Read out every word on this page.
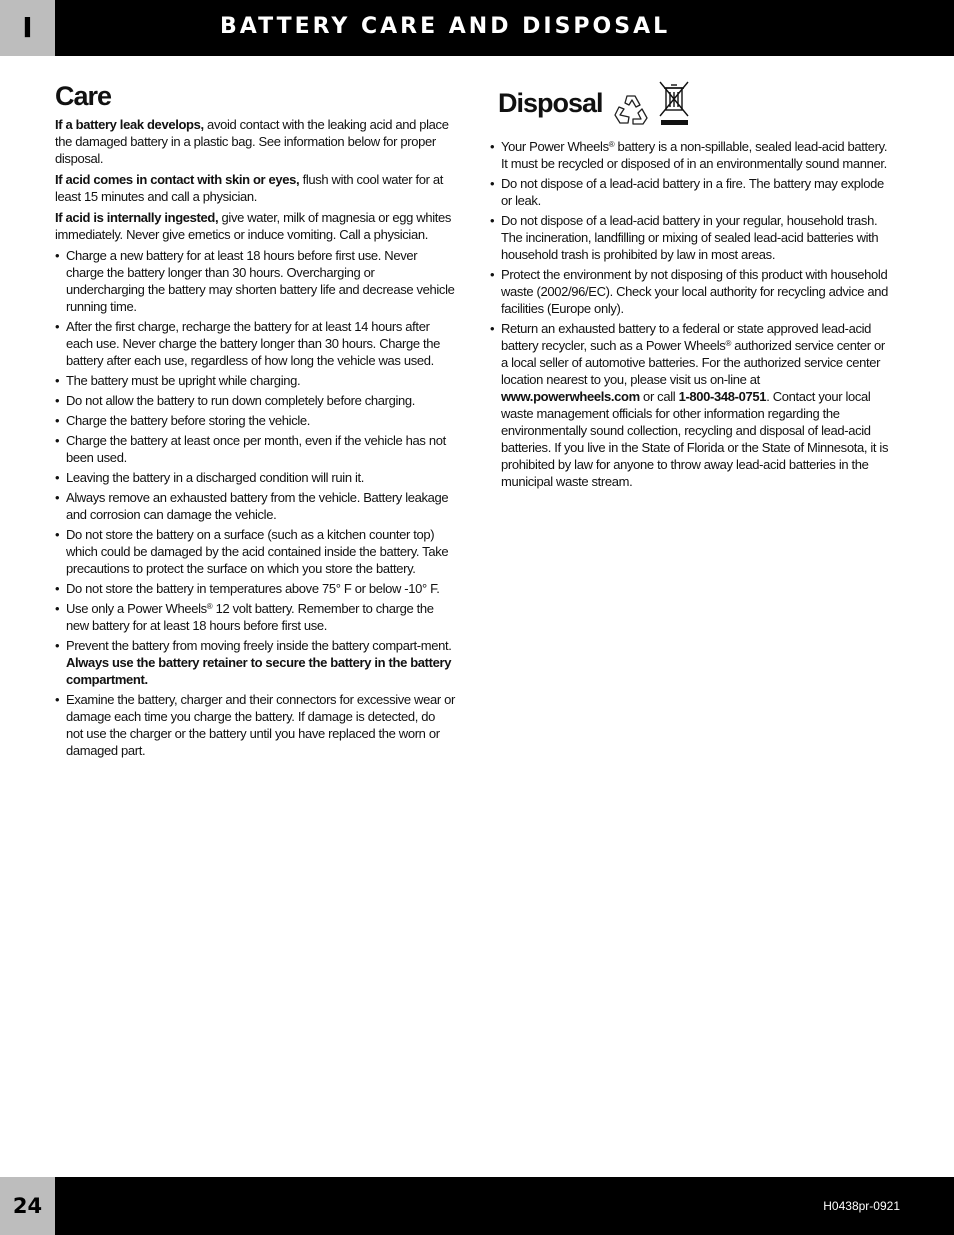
I	BATTERY CARE AND DISPOSAL
Care

If a battery leak develops, avoid contact with the leaking acid and place the damaged battery in a plastic bag. See information below for proper disposal.

If acid comes in contact with skin or eyes, flush with cool water for at least 15 minutes and call a physician.

If acid is internally ingested, give water, milk of magnesia or egg whites immediately. Never give emetics or induce vomiting. Call a physician.

• Charge a new battery for at least 18 hours before first use. Never charge the battery longer than 30 hours. Overcharging or undercharging the battery may shorten battery life and decrease vehicle running time.
• After the first charge, recharge the battery for at least 14 hours after each use. Never charge the battery longer than 30 hours. Charge the battery after each use, regardless of how long the vehicle was used.
• The battery must be upright while charging.
• Do not allow the battery to run down completely before charging.
• Charge the battery before storing the vehicle.
• Charge the battery at least once per month, even if the vehicle has not been used.
• Leaving the battery in a discharged condition will ruin it.
• Always remove an exhausted battery from the vehicle. Battery leakage and corrosion can damage the vehicle.
• Do not store the battery on a surface (such as a kitchen counter top) which could be damaged by the acid contained inside the battery. Take precautions to protect the surface on which you store the battery.
• Do not store the battery in temperatures above 75° F or below -10° F.
• Use only a Power Wheels® 12 volt battery. Remember to charge the new battery for at least 18 hours before first use.
• Prevent the battery from moving freely inside the battery compart-ment. Always use the battery retainer to secure the battery in the battery compartment.
• Examine the battery, charger and their connectors for excessive wear or damage each time you charge the battery. If damage is detected, do not use the charger or the battery until you have replaced the worn or damaged part.
Disposal
• Your Power Wheels® battery is a non-spillable, sealed lead-acid battery. It must be recycled or disposed of in an environmentally sound manner.
• Do not dispose of a lead-acid battery in a fire. The battery may explode or leak.
• Do not dispose of a lead-acid battery in your regular, household trash. The incineration, landfilling or mixing of sealed lead-acid batteries with household trash is prohibited by law in most areas.
• Protect the environment by not disposing of this product with household waste (2002/96/EC). Check your local authority for recycling advice and facilities (Europe only).
• Return an exhausted battery to a federal or state approved lead-acid battery recycler, such as a Power Wheels® authorized service center or a local seller of automotive batteries. For the authorized service center location nearest to you, please visit us on-line at www.powerwheels.com or call 1-800-348-0751. Contact your local waste management officials for other information regarding the environmentally sound collection, recycling and disposal of lead-acid batteries. If you live in the State of Florida or the State of Minnesota, it is prohibited by law for anyone to throw away lead-acid batteries in the municipal waste stream.
24	H0438pr-0921
